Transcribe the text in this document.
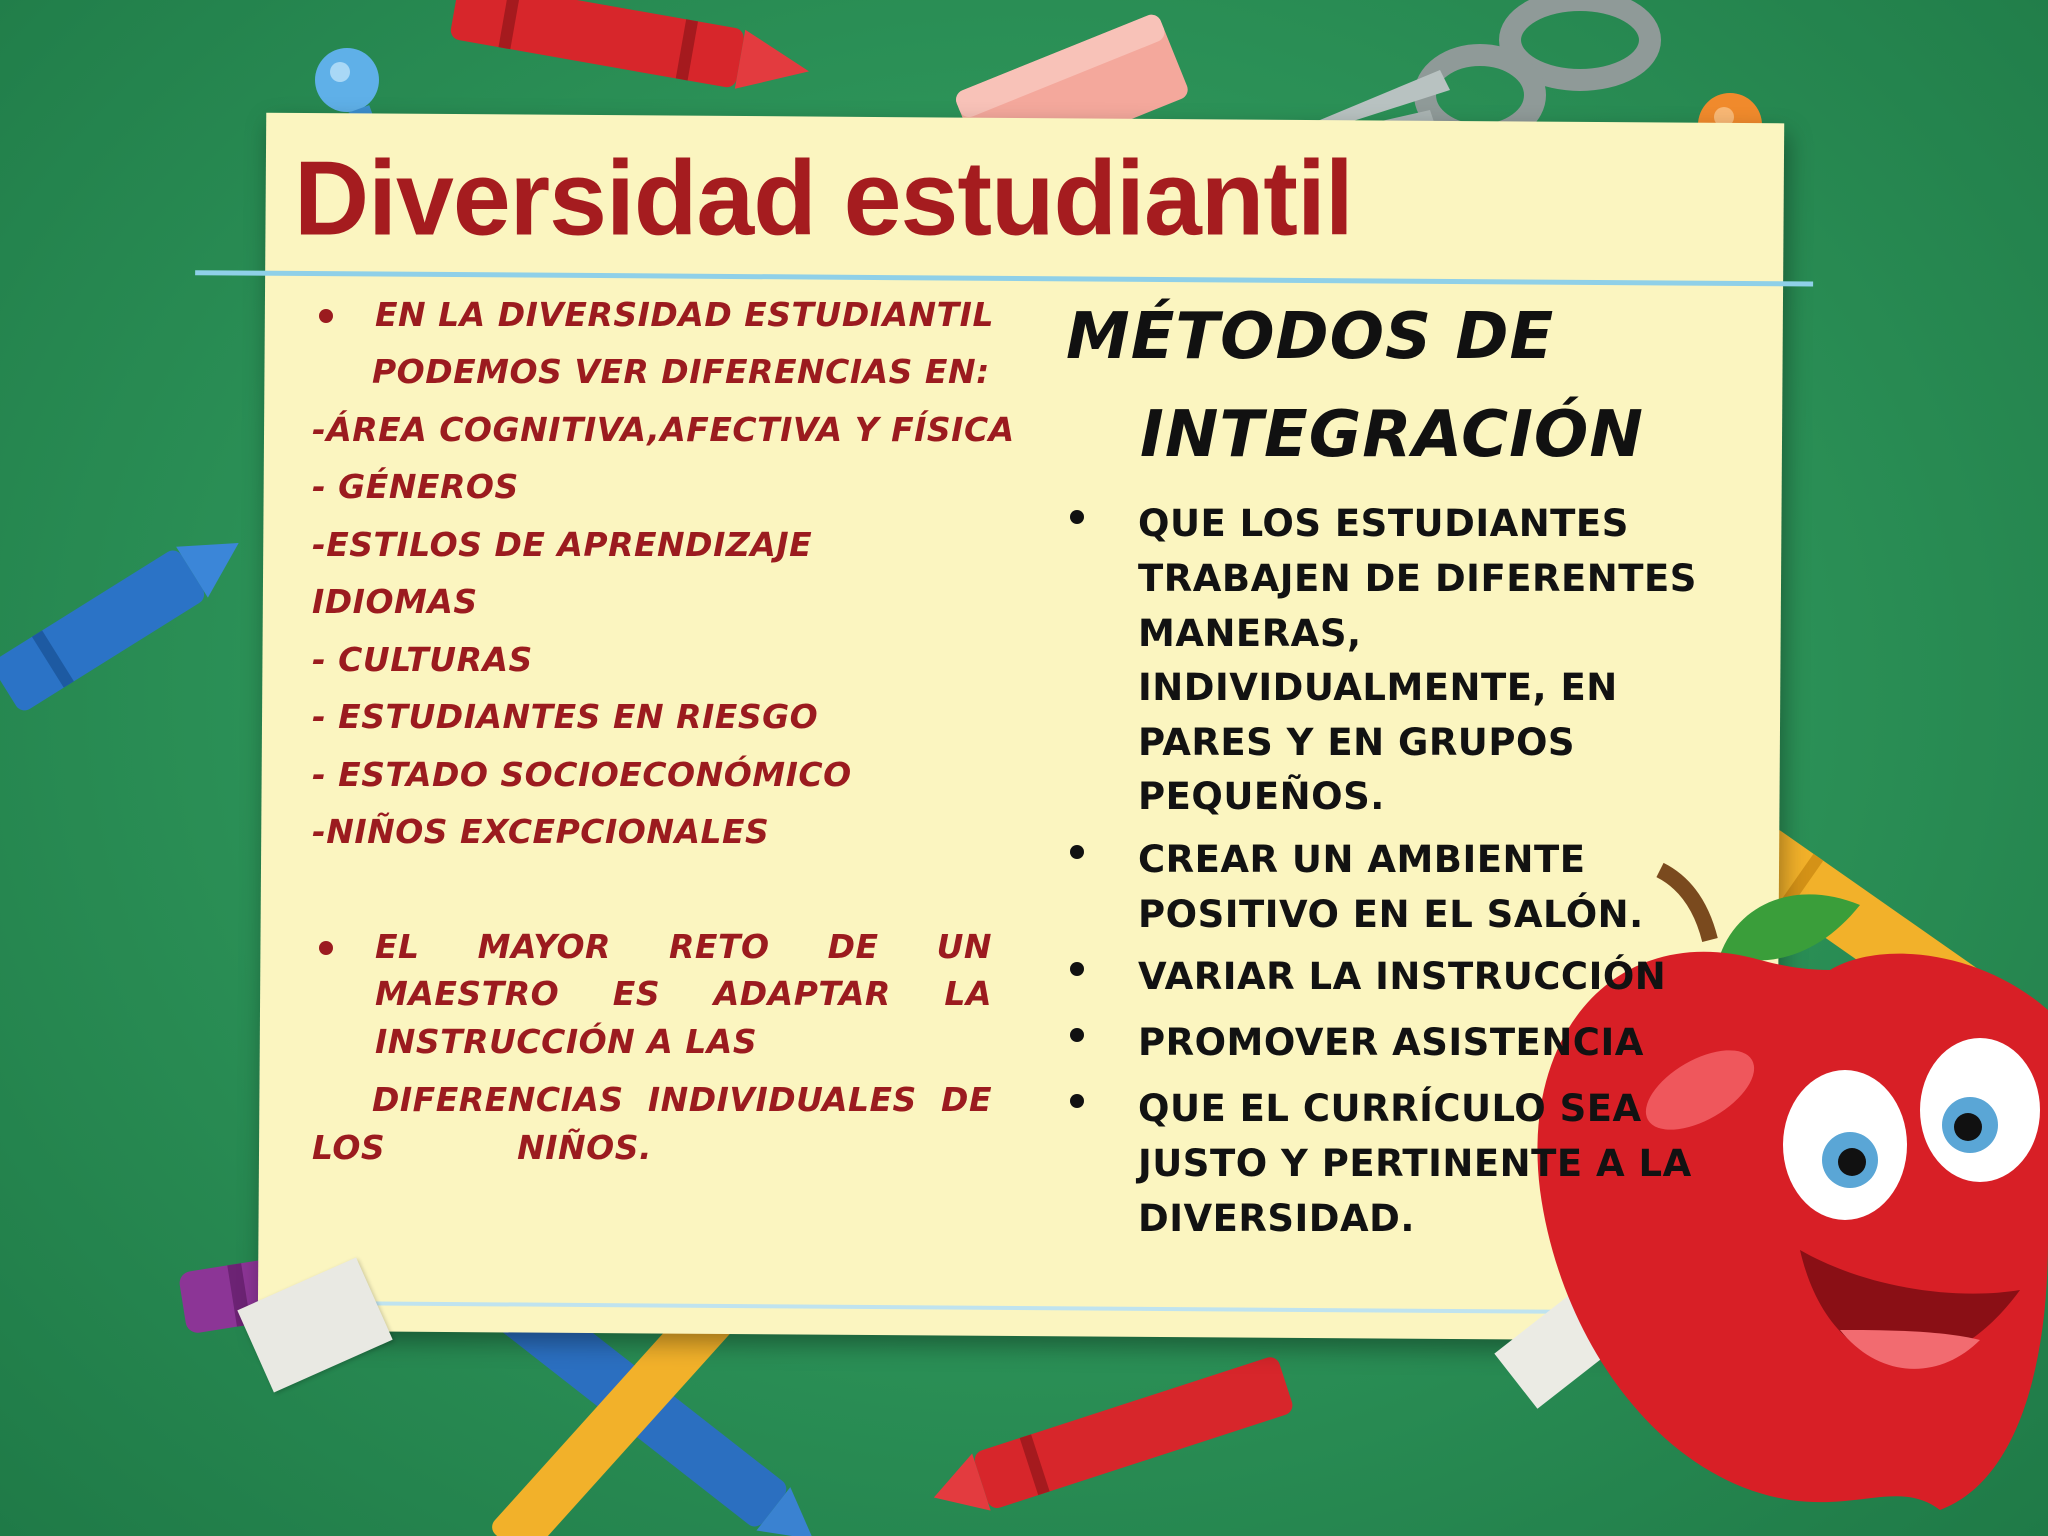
Diversidad estudiantil
EN LA DIVERSIDAD ESTUDIANTIL
PODEMOS VER DIFERENCIAS EN:
-ÁREA COGNITIVA,AFECTIVA Y FÍSICA
- GÉNEROS
-ESTILOS DE APRENDIZAJE
IDIOMAS
- CULTURAS
- ESTUDIANTES EN RIESGO
- ESTADO SOCIOECONÓMICO
-NIÑOS EXCEPCIONALES
EL MAYOR RETO DE UN
MAESTRO ES ADAPTAR LA
INSTRUCCIÓN A LAS
DIFERENCIAS INDIVIDUALES DE
LOS	NIÑOS.
MÉTODOS DE
INTEGRACIÓN
QUE LOS ESTUDIANTES
TRABAJEN DE DIFERENTES
MANERAS,
INDIVIDUALMENTE, EN
PARES Y EN GRUPOS
PEQUEÑOS.
CREAR UN AMBIENTE
POSITIVO EN EL SALÓN.
VARIAR LA INSTRUCCIÓN
PROMOVER ASISTENCIA
QUE EL CURRÍCULO SEA
JUSTO Y PERTINENTE A LA
DIVERSIDAD.
